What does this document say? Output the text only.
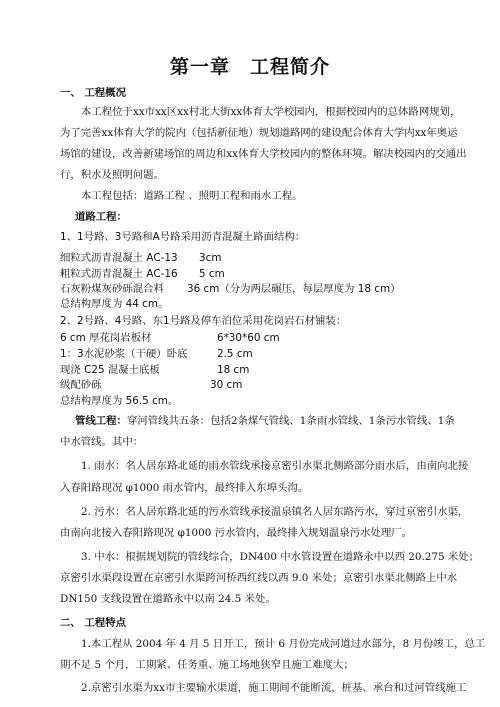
第一章　工程简介
一、 工程概况
本工程位于xx市xx区xx村北大街xx体育大学校园内，根据校园内的总体路网规划，
为了完善xx体育大学的院内（包括新征地）规划道路网的建设配合体育大学内xx年奥运
场馆的建设，改善新建场馆的周边和xx体育大学校园内的整体环境。解决校园内的交通出
行，积水及照明问题。
本工程包括：道路工程 、照明工程和雨水工程。
道路工程：
1、1号路、3号路和A号路采用沥青混凝土路面结构：
细粒式沥青混凝土 AC-13 3cm
粗粒式沥青混凝土 AC-16 5 cm
石灰粉煤灰砂砾混合料 36 cm（分为两层碾压，每层厚度为 18 cm）
总结构厚度为 44 cm。
2、2号路、4号路、东1号路及停车泊位采用花岗岩石材铺装：
6 cm 厚花岗岩板材	6*30*60 cm
1：3水泥砂浆（干硬）卧底	2.5 cm
现浇 C25 混凝土底板	18 cm
级配砂砾	30 cm
总结构厚度为 56.5 cm。
管线工程：穿河管线共五条：包括2条煤气管线、1条雨水管线、1条污水管线、1条
中水管线。其中：
1. 雨水：名人居东路北延的雨水管线承接京密引水渠北侧路部分雨水后，由南向北接
入春阳路现况 φ1000 雨水管内，最终排入东埠头沟。
2. 污水：名人居东路北延的污水管线承接温泉镇名人居东路污水，穿过京密引水渠，
由南向北接入春阳路现况 φ1000 污水管内，最终排入规划温泉污水处理厂。
3. 中水：根据规划院的管线综合，DN400 中水管设置在道路永中以西 20.275 米处；
京密引水渠段设置在京密引水渠跨河桥西红线以西 9.0 米处；京密引水渠北侧路上中水
DN150 支线设置在道路永中以南 24.5 米处。
二、 工程特点
1.本工程从 2004 年 4 月 5 日开工，预计 6 月份完成河道过水部分，8 月份竣工，总工
期不足 5 个月，工期紧、任务重、施工场地狭窄且施工难度大；
2.京密引水渠为xx市主要输水渠道，施工期间不能断流，桩基、承台和过河管线施工
